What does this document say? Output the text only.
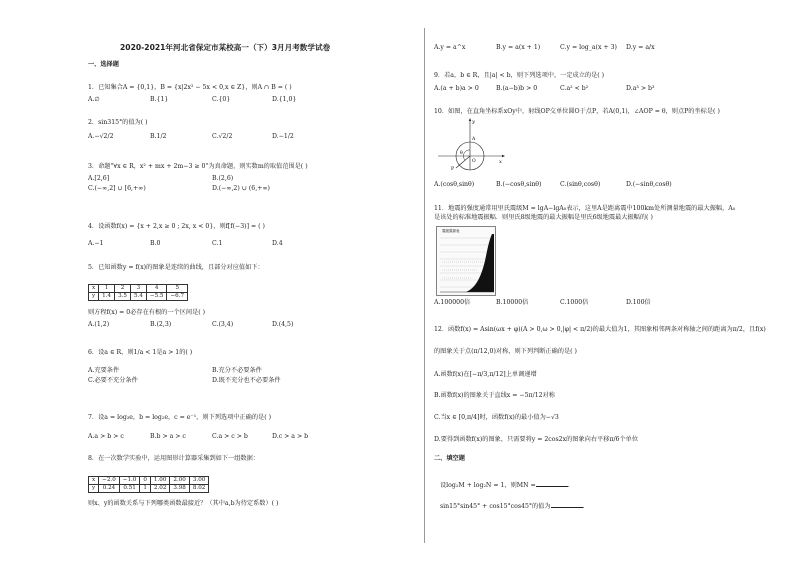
2020-2021年河北省保定市某校高一（下）3月月考数学试卷
一、选择题
1．已知集合A = {0,1}，B = {x|2x² − 5x < 0,x ∈ Z}，则A ∩ B = ( )
A.∅	B.{1}	C.{0}	D.{1,0}
2．sin315°的值为( )
A.−√2/2	B.1/2	C.√2/2	D.−1/2
3．命题"∀x ∈ R，x² + mx + 2m−3 ≥ 0"为真命题，则实数m的取值范围是( )
A.[2,6]	B.(2,6)
C.(−∞,2] ∪ [6,+∞)	D.(−∞,2) ∪ (6,+∞)
4．设函数f(x) = {x + 2,x ≥ 0 ; 2x, x < 0}，则f[f(−3)] = ( )
A.−1	B.0	C.1	D.4
5．已知函数y = f(x)的图象是连续的曲线，且部分对应值如下：
x	1	2	3	4	5
y	1.4	3.5	5.4	−5.5	−6.7
则方程f(x) = 0必存在有根的一个区间是( )
A.(1,2)	B.(2,3)	C.(3,4)	D.(4,5)
6．设a ∈ R，则1/a < 1是a > 1的( )
A.充要条件	B.充分不必要条件
C.必要不充分条件	D.既不充分也不必要条件
7．设a = log₃e，b = log₂e，c = e⁻¹，则下列选项中正确的是( )
A.a > b > c	B.b > a > c	C.a > c > b	D.c > a > b
8．在一次数学实验中，运用图形计算器采集到如下一组数据：
x	−2.0	−1.0	0	1.00	2.00	3.00
y	0.24	0.51	1	2.02	3.98	8.02
则x、y的函数关系与下列哪类函数最接近？（其中a,b为待定系数）( )
A.y = a^x	B.y = a(x + 1)	C.y = log_a(x + 3) D.y = a/x
9．若a，b ∈ R，且|a| < b，则下列选项中，一定成立的是( )
A.(a + b)a > 0	B.(a−b)b > 0	C.a² < b²	D.a³ > b³
10．如图，在直角坐标系xOy中，射线OP交单位圆O于点P，若A(0,1)，∠AOP = θ，则点P的坐标是( )
y
x
O
A
P
θ
A.(cosθ,sinθ)	B.(−cosθ,sinθ)	C.(sinθ,cosθ)	D.(−sinθ,cosθ)
11．地震的强度通常用里氏震级M = lgA−lgA₀表示，这里A是距离震中100km处所测量地震的最大振幅，A₀
是该处的标准地震振幅．则里氏8级地震的最大振幅是里氏6级地震最大振幅的( )
震级震源表
A.100000倍	B.10000倍	C.1000倍	D.100倍
12．函数f(x) = Asin(ωx + φ)(A > 0,ω > 0,|φ| < π/2)的最大值为1，其图象相邻两条对称轴之间的距离为π/2，且f(x)
的图象关于点(π/12,0)对称，则下列判断正确的是( )
A.函数f(x)在[−π/3,π/12]上单调递增
B.函数f(x)的图象关于直线x = −5π/12对称
C.当x ∈ [0,π/4]时，函数f(x)的最小值为−√3
D.要得到函数f(x)的图象，只需要将y = 2cos2x的图象向右平移π/6个单位
二、填空题
设log₂M + log₂N = 1，则MN =	.
sin15°sin45° + cos15°cos45°的值为	.
